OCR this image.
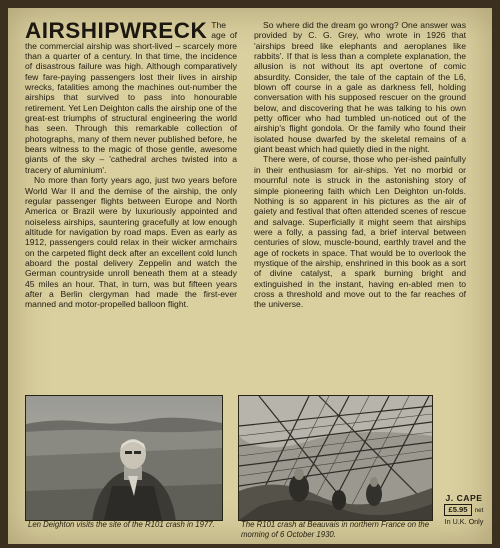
AIRSHIPWRECK The age of the commercial airship was short-lived – scarcely more than a quarter of a century. In that time, the incidence of disastrous failure was high. Although comparatively few fare-paying passengers lost their lives in airship wrecks, fatalities among the machines out-number the airships that survived to pass into honourable retirement. Yet Len Deighton calls the airship one of the great-est triumphs of structural engineering the world has seen. Through this remarkable collection of photographs, many of them never published before, he bears witness to the magic of those gentle, awesome giants of the sky – 'cathedral arches twisted into a tracery of aluminium'.

No more than forty years ago, just two years before World War II and the demise of the airship, the only regular passenger flights between Europe and North America or Brazil were by luxuriously appointed and noiseless airships, sauntering gracefully at low enough altitude for navigation by road maps. Even as early as 1912, passengers could relax in their wicker armchairs on the carpeted flight deck after an excellent cold lunch aboard the postal delivery Zeppelin and watch the German countryside unroll beneath them at a steady 45 miles an hour. That, in turn, was but fifteen years after a Berlin clergyman had made the first-ever manned and motor-propelled balloon flight.

So where did the dream go wrong? One answer was provided by C. G. Grey, who wrote in 1926 that 'airships breed like elephants and aeroplanes like rabbits'. If that is less than a complete explanation, the allusion is not without its apt overtone of comic absurdity. Consider, the tale of the captain of the L6, blown off course in a gale as darkness fell, holding conversation with his supposed rescuer on the ground below, and discovering that he was talking to his own petty officer who had tumbled un-noticed out of the airship's flight gondola. Or the family who found their isolated house dwarfed by the skeletal remains of a giant beast which had quietly died in the night.

There were, of course, those who per-ished painfully in their enthusiasm for air-ships. Yet no morbid or mournful note is struck in the astonishing story of simple pioneering faith which Len Deighton un-folds. Nothing is so apparent in his pictures as the air of gaiety and festival that often attended scenes of rescue and salvage. Superficially it might seem that airships were a folly, a passing fad, a brief interval between centuries of slow, muscle-bound, earthly travel and the age of rockets in space. That would be to overlook the mystique of the airship, enshrined in this book as a sort of divine catalyst, a spark burning bright and extinguished in the instant, having en-abled men to cross a threshold and move out to the far reaches of the universe.

Len Deighton visits the site of the R101 crash in 1977.	The R101 crash at Beauvais in northern France on the morning of 6 October 1930.
J. CAPE
£5.95 net
In U.K. Only
